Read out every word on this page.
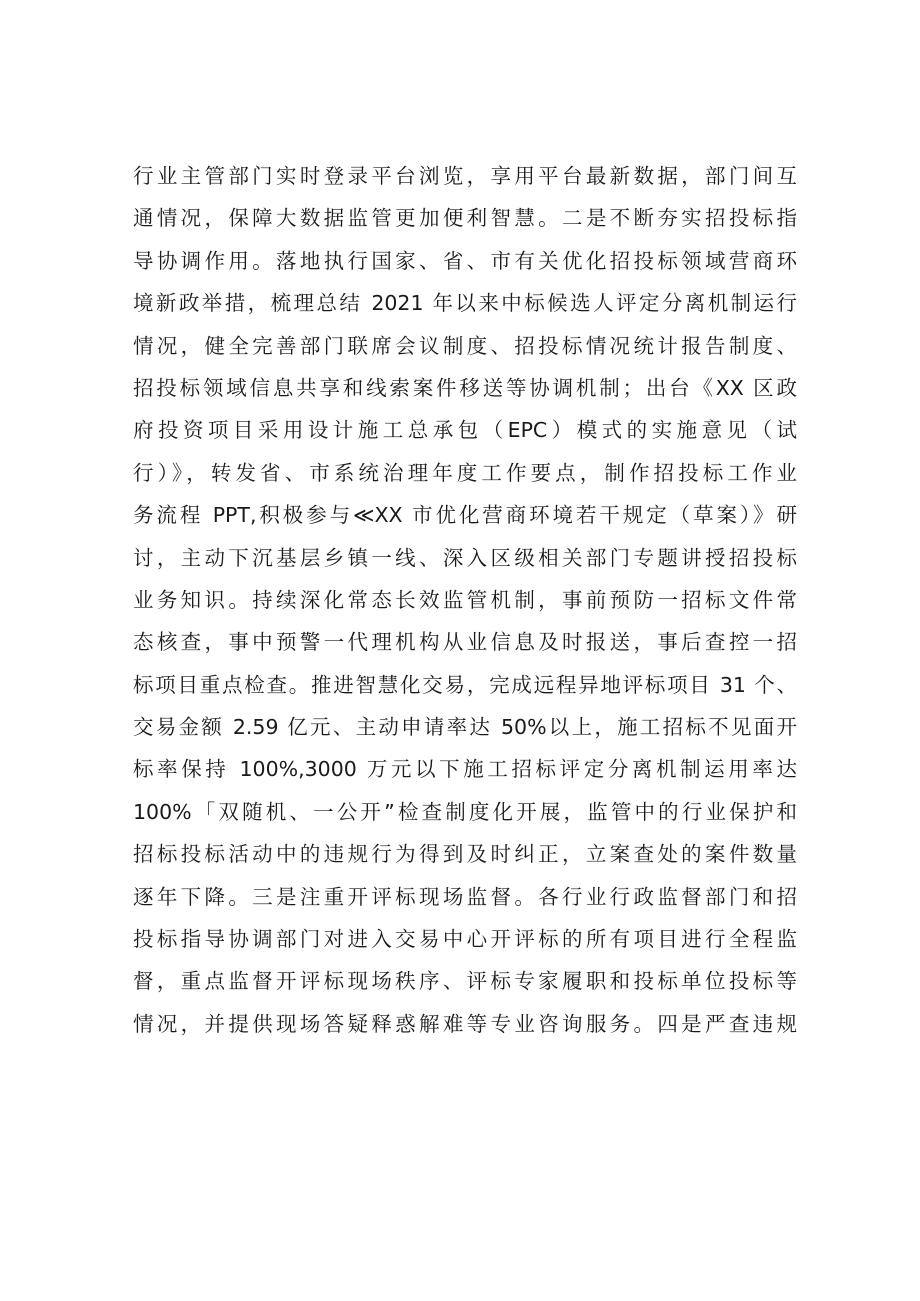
行业主管部门实时登录平台浏览，享用平台最新数据，部门间互
通情况，保障大数据监管更加便利智慧。二是不断夯实招投标指
导协调作用。落地执行国家、省、市有关优化招投标领域营商环
境新政举措，梳理总结 2021 年以来中标候选人评定分离机制运行
情况，健全完善部门联席会议制度、招投标情况统计报告制度、
招投标领域信息共享和线索案件移送等协调机制；出台《XX 区政
府投资项目采用设计施工总承包（EPC）模式的实施意见（试
行）》，转发省、市系统治理年度工作要点，制作招投标工作业
务流程 PPT,积极参与≪XX 市优化营商环境若干规定（草案）》研
讨，主动下沉基层乡镇一线、深入区级相关部门专题讲授招投标
业务知识。持续深化常态长效监管机制，事前预防一招标文件常
态核查，事中预警一代理机构从业信息及时报送，事后查控一招
标项目重点检查。推进智慧化交易，完成远程异地评标项目 31 个、
交易金额 2.59 亿元、主动申请率达 50%以上，施工招标不见面开
标率保持 100%,3000 万元以下施工招标评定分离机制运用率达
100%「双随机、一公开”检查制度化开展，监管中的行业保护和
招标投标活动中的违规行为得到及时纠正，立案查处的案件数量
逐年下降。三是注重开评标现场监督。各行业行政监督部门和招
投标指导协调部门对进入交易中心开评标的所有项目进行全程监
督，重点监督开评标现场秩序、评标专家履职和投标单位投标等
情况，并提供现场答疑释惑解难等专业咨询服务。四是严查违规
